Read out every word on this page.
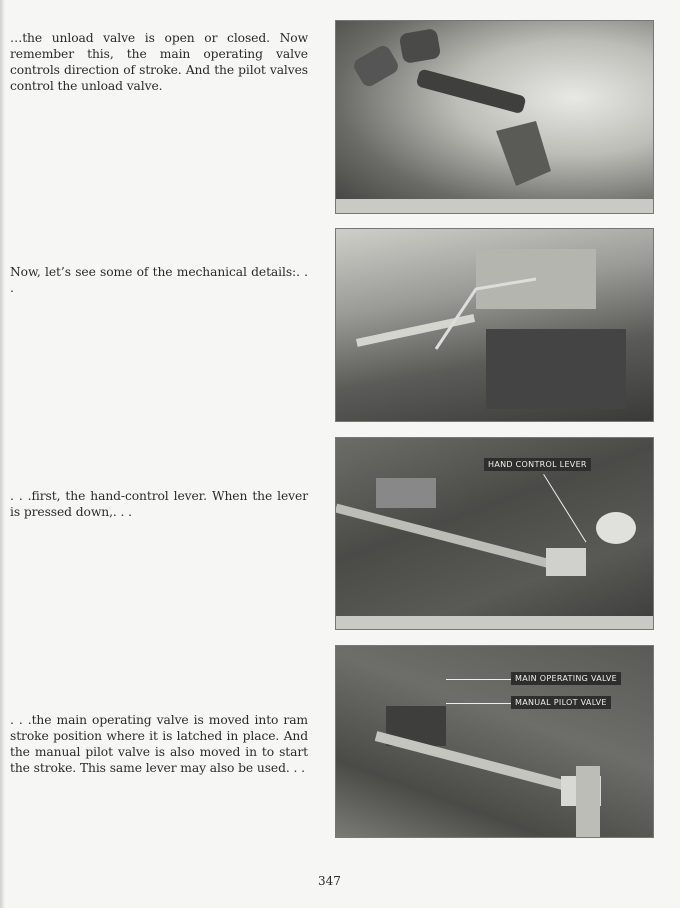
…the unload valve is open or closed. Now remember this, the main operating valve controls direction of stroke. And the pilot valves control the unload valve.

Now, let’s see some of the mechanical details:. . .

. . .first, the hand-control lever. When the lever is pressed down,. . .

. . .the main operating valve is moved into ram stroke position where it is latched in place. And the manual pilot valve is also moved in to start the stroke. This same lever may also be used. . .

HAND CONTROL LEVER
MAIN OPERATING VALVE
MANUAL PILOT VALVE
347
